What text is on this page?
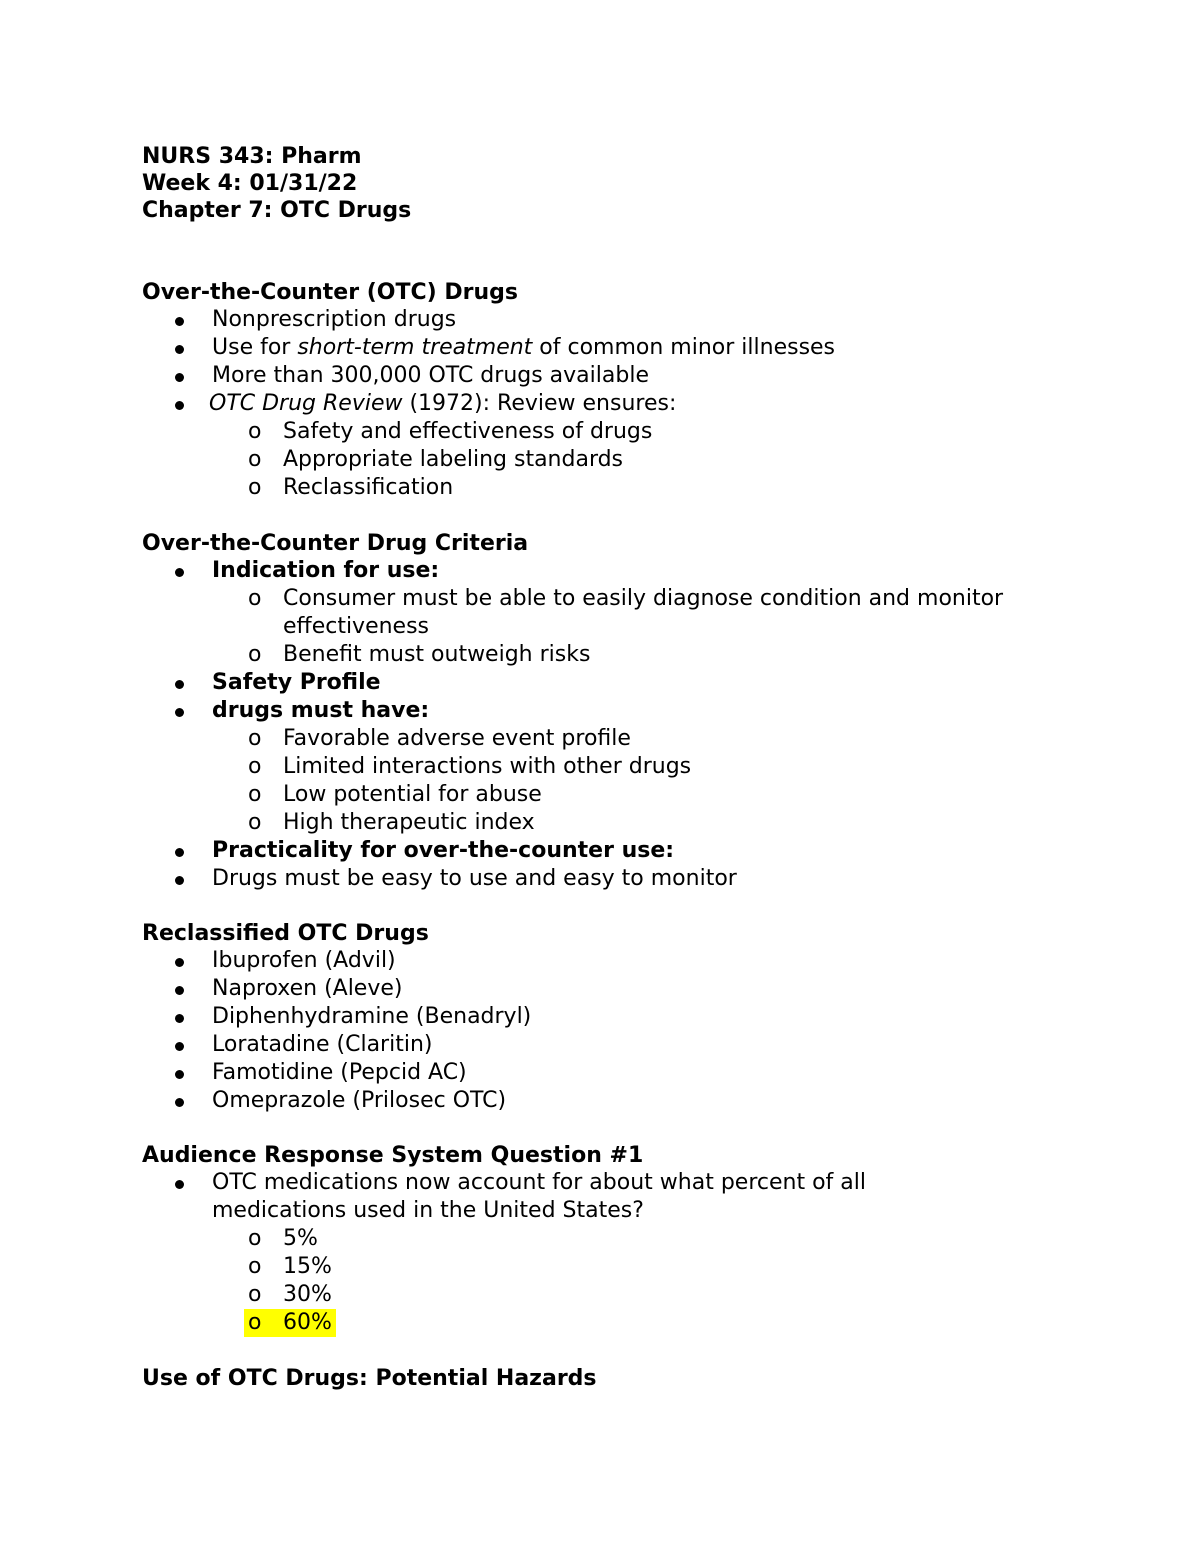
NURS 343: Pharm
Week 4: 01/31/22
Chapter 7: OTC Drugs
Over-the-Counter (OTC) Drugs
Nonprescription drugs
Use for short-term treatment of common minor illnesses
More than 300,000 OTC drugs available
OTC Drug Review (1972): Review ensures:
o Safety and effectiveness of drugs
o Appropriate labeling standards
o Reclassification
Over-the-Counter Drug Criteria
Indication for use:
o Consumer must be able to easily diagnose condition and monitor
effectiveness
o Benefit must outweigh risks
Safety Profile
drugs must have:
o Favorable adverse event profile
o Limited interactions with other drugs
o Low potential for abuse
o High therapeutic index
Practicality for over-the-counter use:
Drugs must be easy to use and easy to monitor
Reclassified OTC Drugs
Ibuprofen (Advil)
Naproxen (Aleve)
Diphenhydramine (Benadryl)
Loratadine (Claritin)
Famotidine (Pepcid AC)
Omeprazole (Prilosec OTC)
Audience Response System Question #1
OTC medications now account for about what percent of all
medications used in the United States?
o 5%
o 15%
o 30%
o 60%
Use of OTC Drugs: Potential Hazards
